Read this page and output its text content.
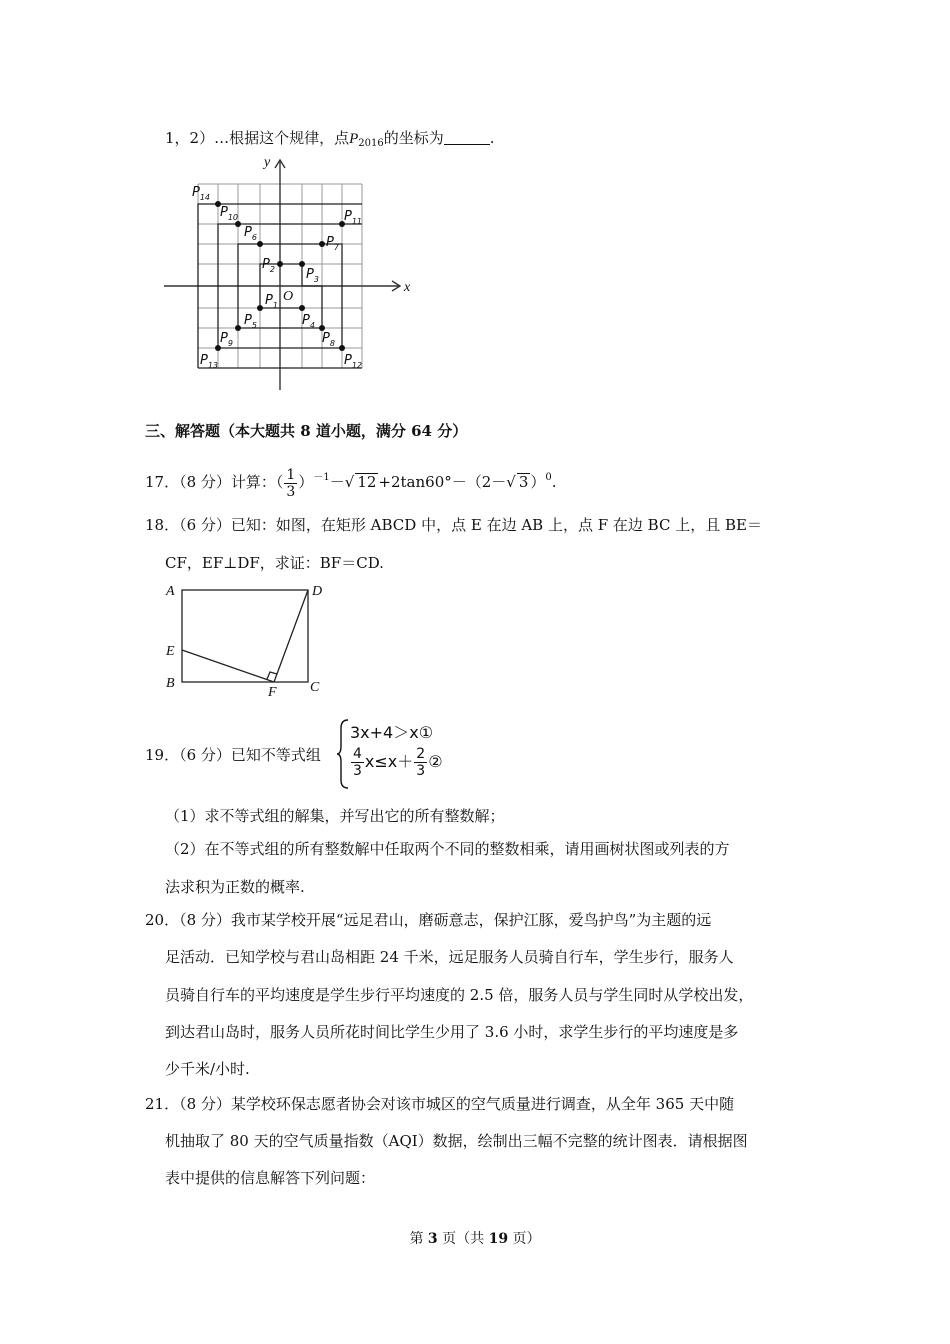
1，2）…根据这个规律，点$P_{2016}$的坐标为	.
x
y
O
$P_{14}$
$P_{10}$
$P_6$
$P_2$ $P_3$
$P_7$
$P_{11}$
$P_1$
$P_5$	$P_4$
$P_9$	$P_8$
$P_{13}$	$P_{12}$
三、解答题（本大题共 8 道小题，满分 64 分）
17．（8 分）计算：（ $\frac{1}{3} )^{-1}-√$ 12 +2tan60°－（2－√ 3 ）$^0$.
18．（6 分）已知：如图，在矩形 ABCD 中，点 E 在边 AB 上，点 F 在边 BC 上，且 BE＝
CF，EF⊥DF，求证：BF＝CD.
A	D
E
B
F C
19．（6 分）已知不等式组
3x+4＞x①
$\frac{4}{3} x\le x+ \frac{2}{3}$ ②
（1）求不等式组的解集，并写出它的所有整数解；
（2）在不等式组的所有整数解中任取两个不同的整数相乘，请用画树状图或列表的方
法求积为正数的概率.
20．（8 分）我市某学校开展“远足君山，磨砺意志，保护江豚，爱鸟护鸟”为主题的远
足活动．已知学校与君山岛相距 24 千米，远足服务人员骑自行车，学生步行，服务人
员骑自行车的平均速度是学生步行平均速度的 2.5 倍，服务人员与学生同时从学校出发，
到达君山岛时，服务人员所花时间比学生少用了 3.6 小时，求学生步行的平均速度是多
少千米/小时.
21．（8 分）某学校环保志愿者协会对该市城区的空气质量进行调查，从全年 365 天中随
机抽取了 80 天的空气质量指数（AQI）数据，绘制出三幅不完整的统计图表．请根据图
表中提供的信息解答下列问题：
第 3 页（共 19 页）
